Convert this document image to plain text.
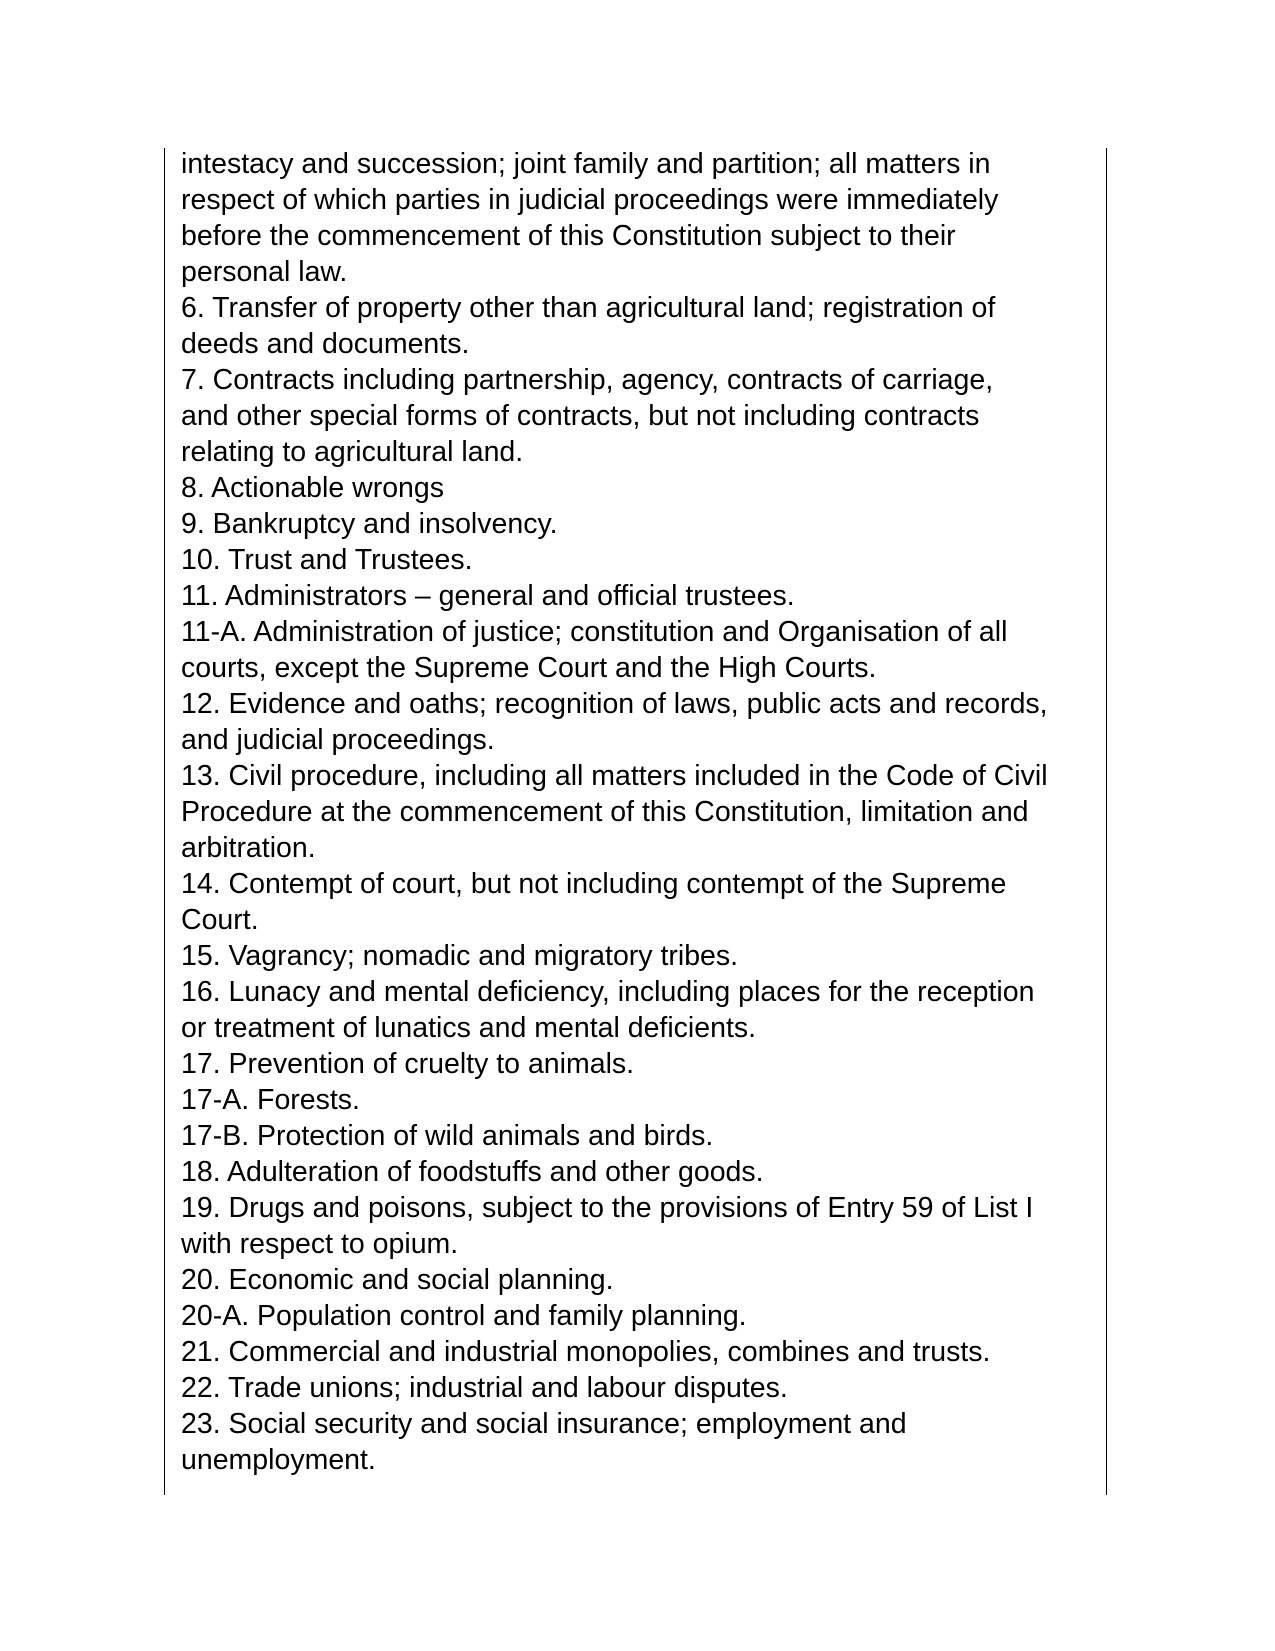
intestacy and succession; joint family and partition; all matters in
respect of which parties in judicial proceedings were immediately
before the commencement of this Constitution subject to their
personal law.
6. Transfer of property other than agricultural land; registration of
deeds and documents.
7. Contracts including partnership, agency, contracts of carriage,
and other special forms of contracts, but not including contracts
relating to agricultural land.
8. Actionable wrongs
9. Bankruptcy and insolvency.
10. Trust and Trustees.
11. Administrators – general and official trustees.
11-A. Administration of justice; constitution and Organisation of all
courts, except the Supreme Court and the High Courts.
12. Evidence and oaths; recognition of laws, public acts and records,
and judicial proceedings.
13. Civil procedure, including all matters included in the Code of Civil
Procedure at the commencement of this Constitution, limitation and
arbitration.
14. Contempt of court, but not including contempt of the Supreme
Court.
15. Vagrancy; nomadic and migratory tribes.
16. Lunacy and mental deficiency, including places for the reception
or treatment of lunatics and mental deficients.
17. Prevention of cruelty to animals.
17-A. Forests.
17-B. Protection of wild animals and birds.
18. Adulteration of foodstuffs and other goods.
19. Drugs and poisons, subject to the provisions of Entry 59 of List I
with respect to opium.
20. Economic and social planning.
20-A. Population control and family planning.
21. Commercial and industrial monopolies, combines and trusts.
22. Trade unions; industrial and labour disputes.
23. Social security and social insurance; employment and
unemployment.
